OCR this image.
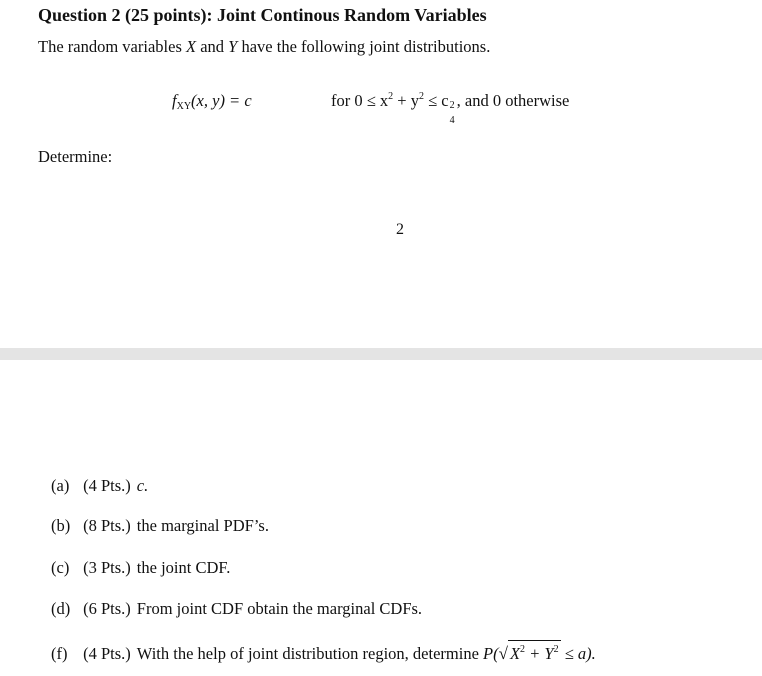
Question 2 (25 points): Joint Continous Random Variables
The random variables X and Y have the following joint distributions.
$f_{XY}(x$, y) = c	for $0 \le x^2 + y^2 \le c$ 2
4
, and 0 otherwise
Determine:
2
(a) (4 Pts.) c.
(b) (8 Pts.) the marginal PDF’s.
(c) (3 Pts.) the joint CDF.
(d) (6 Pts.) From joint CDF obtain the marginal CDFs.
(f) (4 Pts.) With the help of joint distribution region, determine P(√ $X^2 + Y^2 \le a$).
